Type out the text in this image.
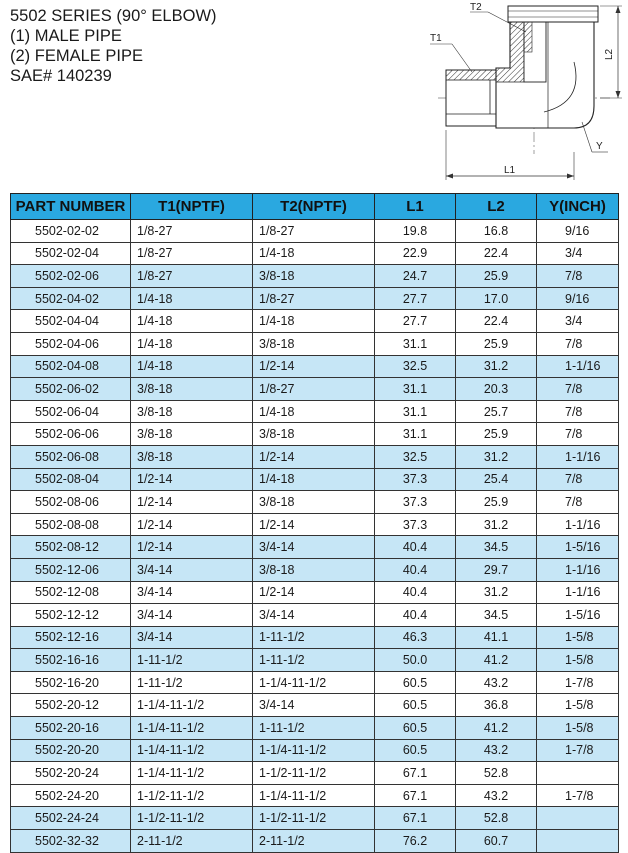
5502 SERIES (90° ELBOW)
(1) MALE PIPE
(2) FEMALE PIPE
SAE# 140239
L1
L2
T1
T2
Y
PART NUMBER	T1(NPTF)	T2(NPTF)	L1	L2	Y(INCH)
5502-02-02	1/8-27	1/8-27	19.8	16.8	9/16
5502-02-04	1/8-27	1/4-18	22.9	22.4	3/4
5502-02-06	1/8-27	3/8-18	24.7	25.9	7/8
5502-04-02	1/4-18	1/8-27	27.7	17.0	9/16
5502-04-04	1/4-18	1/4-18	27.7	22.4	3/4
5502-04-06	1/4-18	3/8-18	31.1	25.9	7/8
5502-04-08	1/4-18	1/2-14	32.5	31.2	1-1/16
5502-06-02	3/8-18	1/8-27	31.1	20.3	7/8
5502-06-04	3/8-18	1/4-18	31.1	25.7	7/8
5502-06-06	3/8-18	3/8-18	31.1	25.9	7/8
5502-06-08	3/8-18	1/2-14	32.5	31.2	1-1/16
5502-08-04	1/2-14	1/4-18	37.3	25.4	7/8
5502-08-06	1/2-14	3/8-18	37.3	25.9	7/8
5502-08-08	1/2-14	1/2-14	37.3	31.2	1-1/16
5502-08-12	1/2-14	3/4-14	40.4	34.5	1-5/16
5502-12-06	3/4-14	3/8-18	40.4	29.7	1-1/16
5502-12-08	3/4-14	1/2-14	40.4	31.2	1-1/16
5502-12-12	3/4-14	3/4-14	40.4	34.5	1-5/16
5502-12-16	3/4-14	1-11-1/2	46.3	41.1	1-5/8
5502-16-16	1-11-1/2	1-11-1/2	50.0	41.2	1-5/8
5502-16-20	1-11-1/2	1-1/4-11-1/2	60.5	43.2	1-7/8
5502-20-12	1-1/4-11-1/2	3/4-14	60.5	36.8	1-5/8
5502-20-16	1-1/4-11-1/2	1-11-1/2	60.5	41.2	1-5/8
5502-20-20	1-1/4-11-1/2	1-1/4-11-1/2	60.5	43.2	1-7/8
5502-20-24	1-1/4-11-1/2	1-1/2-11-1/2	67.1	52.8	
5502-24-20	1-1/2-11-1/2	1-1/4-11-1/2	67.1	43.2	1-7/8
5502-24-24	1-1/2-11-1/2	1-1/2-11-1/2	67.1	52.8	
5502-32-32	2-11-1/2	2-11-1/2	76.2	60.7	
